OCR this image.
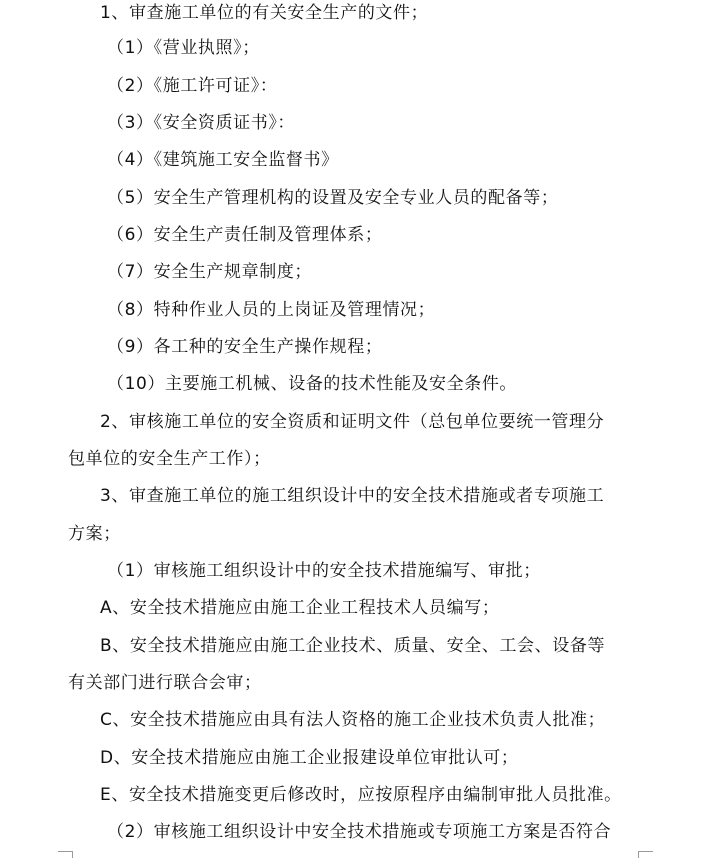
1、审查施工单位的有关安全生产的文件；
（1）《营业执照》；
（2）《施工许可证》：
（3）《安全资质证书》：
（4）《建筑施工安全监督书》
（5）安全生产管理机构的设置及安全专业人员的配备等；
（6）安全生产责任制及管理体系；
（7）安全生产规章制度；
（8）特种作业人员的上岗证及管理情况；
（9）各工种的安全生产操作规程；
（10）主要施工机械、设备的技术性能及安全条件。
2、审核施工单位的安全资质和证明文件（总包单位要统一管理分
包单位的安全生产工作）；
3、审查施工单位的施工组织设计中的安全技术措施或者专项施工
方案；
（1）审核施工组织设计中的安全技术措施编写、审批；
A、安全技术措施应由施工企业工程技术人员编写；
B、安全技术措施应由施工企业技术、质量、安全、工会、设备等
有关部门进行联合会审；
C、安全技术措施应由具有法人资格的施工企业技术负责人批准；
D、安全技术措施应由施工企业报建设单位审批认可；
E、安全技术措施变更后修改时，应按原程序由编制审批人员批准。
（2）审核施工组织设计中安全技术措施或专项施工方案是否符合
